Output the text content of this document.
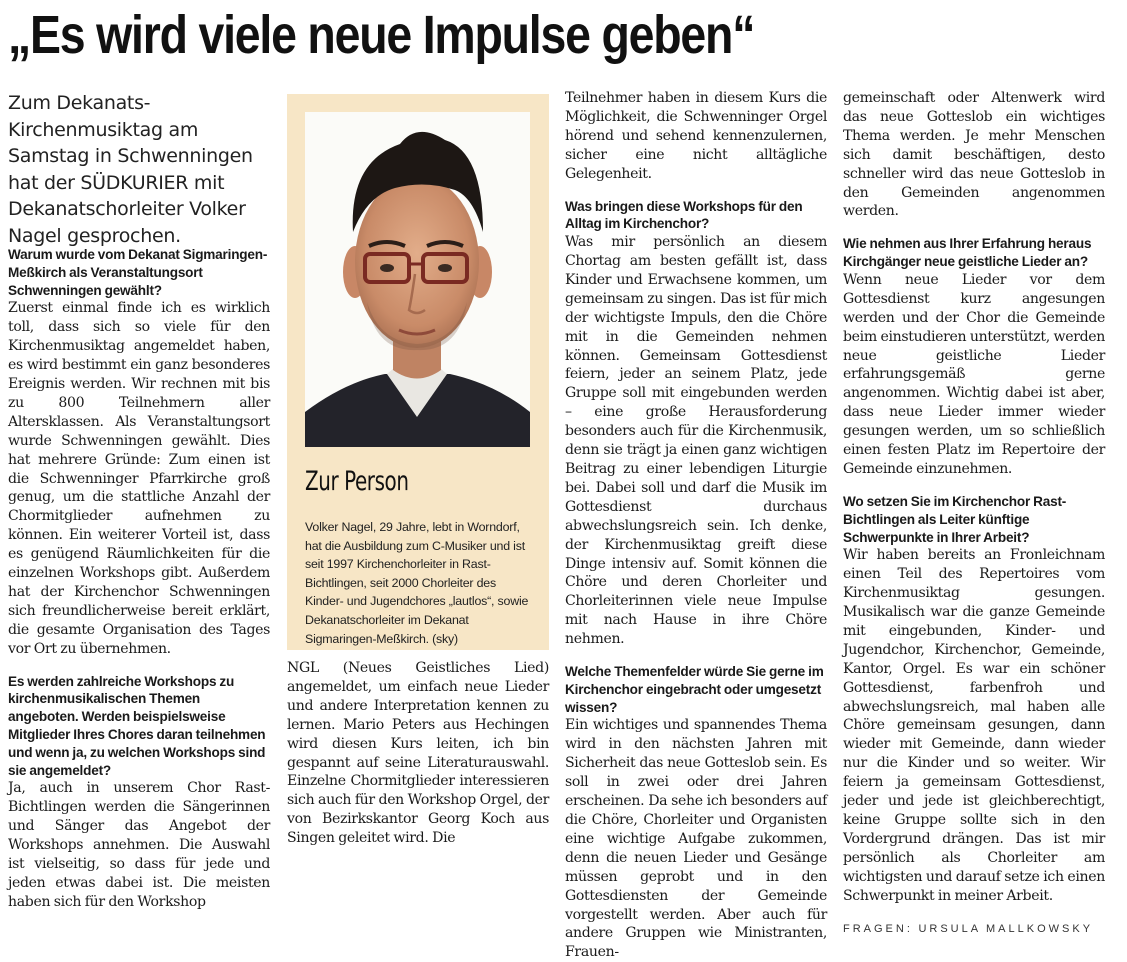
„Es wird viele neue Impulse geben“
Zum Dekanats-Kirchenmusiktag am Samstag in Schwenningen hat der SÜDKURIER mit Dekanatschorleiter Volker Nagel gesprochen.

Warum wurde vom Dekanat Sigmaringen-Meßkirch als Veranstaltungsort Schwenningen gewählt?

Zuerst einmal finde ich es wirklich toll, dass sich so viele für den Kirchenmusiktag angemeldet haben, es wird bestimmt ein ganz besonderes Ereignis werden. Wir rechnen mit bis zu 800 Teilnehmern aller Altersklassen. Als Veranstaltungsort wurde Schwenningen gewählt. Dies hat mehrere Gründe: Zum einen ist die Schwenninger Pfarrkirche groß genug, um die stattliche Anzahl der Chormitglieder aufnehmen zu können. Ein weiterer Vorteil ist, dass es genügend Räumlichkeiten für die einzelnen Workshops gibt. Außerdem hat der Kirchenchor Schwenningen sich freundlicherweise bereit erklärt, die gesamte Organisation des Tages vor Ort zu übernehmen.

Es werden zahlreiche Workshops zu kirchenmusikalischen Themen angeboten. Werden beispielsweise Mitglieder Ihres Chores daran teilnehmen und wenn ja, zu welchen Workshops sind sie angemeldet?

Ja, auch in unserem Chor Rast-Bichtlingen werden die Sängerinnen und Sänger das Angebot der Workshops annehmen. Die Auswahl ist vielseitig, so dass für jede und jeden etwas dabei ist. Die meisten haben sich für den Workshop

Zur Person
Volker Nagel, 29 Jahre, lebt in Worndorf, hat die Ausbildung zum C-Musiker und ist seit 1997 Kirchenchorleiter in Rast-Bichtlingen, seit 2000 Chorleiter des Kinder- und Jugendchores „lautlos“, sowie Dekanatschorleiter im Dekanat Sigmaringen-Meßkirch. (sky)

NGL (Neues Geistliches Lied) angemeldet, um einfach neue Lieder und andere Interpretation kennen zu lernen. Mario Peters aus Hechingen wird diesen Kurs leiten, ich bin gespannt auf seine Literaturauswahl. Einzelne Chormitglieder interessieren sich auch für den Workshop Orgel, der von Bezirkskantor Georg Koch aus Singen geleitet wird. Die

Teilnehmer haben in diesem Kurs die Möglichkeit, die Schwenninger Orgel hörend und sehend kennenzulernen, sicher eine nicht alltägliche Gelegenheit.

Was bringen diese Workshops für den Alltag im Kirchenchor?

Was mir persönlich an diesem Chortag am besten gefällt ist, dass Kinder und Erwachsene kommen, um gemeinsam zu singen. Das ist für mich der wichtigste Impuls, den die Chöre mit in die Gemeinden nehmen können. Gemeinsam Gottesdienst feiern, jeder an seinem Platz, jede Gruppe soll mit eingebunden werden – eine große Herausforderung besonders auch für die Kirchenmusik, denn sie trägt ja einen ganz wichtigen Beitrag zu einer lebendigen Liturgie bei. Dabei soll und darf die Musik im Gottesdienst durchaus abwechslungsreich sein. Ich denke, der Kirchenmusiktag greift diese Dinge intensiv auf. Somit können die Chöre und deren Chorleiter und Chorleiterinnen viele neue Impulse mit nach Hause in ihre Chöre nehmen.

Welche Themenfelder würde Sie gerne im Kirchenchor eingebracht oder umgesetzt wissen?

Ein wichtiges und spannendes Thema wird in den nächsten Jahren mit Sicherheit das neue Gotteslob sein. Es soll in zwei oder drei Jahren erscheinen. Da sehe ich besonders auf die Chöre, Chorleiter und Organisten eine wichtige Aufgabe zukommen, denn die neuen Lieder und Gesänge müssen geprobt und in den Gottesdiensten der Gemeinde vorgestellt werden. Aber auch für andere Gruppen wie Ministranten, Frauen-

gemeinschaft oder Altenwerk wird das neue Gotteslob ein wichtiges Thema werden. Je mehr Menschen sich damit beschäftigen, desto schneller wird das neue Gotteslob in den Gemeinden angenommen werden.

Wie nehmen aus Ihrer Erfahrung heraus Kirchgänger neue geistliche Lieder an?

Wenn neue Lieder vor dem Gottesdienst kurz angesungen werden und der Chor die Gemeinde beim einstudieren unterstützt, werden neue geistliche Lieder erfahrungsgemäß gerne angenommen. Wichtig dabei ist aber, dass neue Lieder immer wieder gesungen werden, um so schließlich einen festen Platz im Repertoire der Gemeinde einzunehmen.

Wo setzen Sie im Kirchenchor Rast-Bichtlingen als Leiter künftige Schwerpunkte in Ihrer Arbeit?

Wir haben bereits an Fronleichnam einen Teil des Repertoires vom Kirchenmusiktag gesungen. Musikalisch war die ganze Gemeinde mit eingebunden, Kinder- und Jugendchor, Kirchenchor, Gemeinde, Kantor, Orgel. Es war ein schöner Gottesdienst, farbenfroh und abwechslungsreich, mal haben alle Chöre gemeinsam gesungen, dann wieder mit Gemeinde, dann wieder nur die Kinder und so weiter. Wir feiern ja gemeinsam Gottesdienst, jeder und jede ist gleichberechtigt, keine Gruppe sollte sich in den Vordergrund drängen. Das ist mir persönlich als Chorleiter am wichtigsten und darauf setze ich einen Schwerpunkt in meiner Arbeit.

FRAGEN: URSULA MALLKOWSKY
